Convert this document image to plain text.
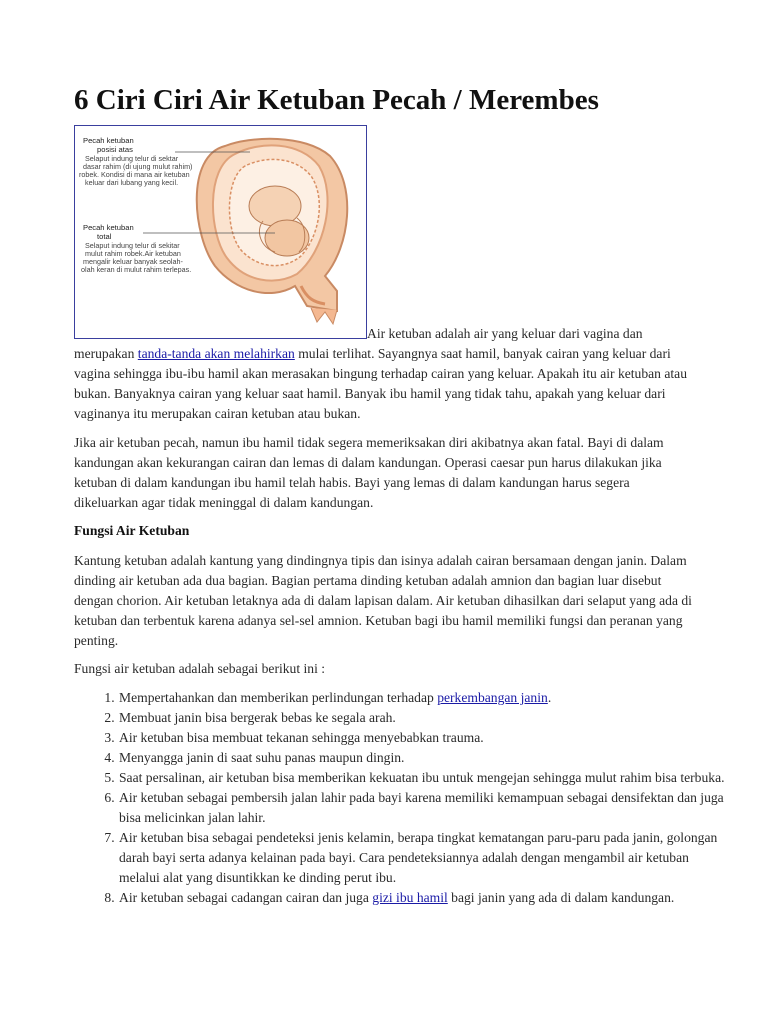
6 Ciri Ciri Air Ketuban Pecah / Merembes
Pecah ketuban
posisi atas
Selaput indung telur di sektar
dasar rahim (di ujung mulut rahim)
robek. Kondisi di mana air ketuban
keluar dari lubang yang kecil.
Pecah ketuban
total
Selaput indung telur di sekitar
mulut rahim robek.Air ketuban
mengalir keluar banyak seolah-
olah keran di mulut rahim terlepas.

Air ketuban adalah air yang keluar dari vagina dan merupakan tanda-tanda akan melahirkan mulai terlihat. Sayangnya saat hamil, banyak cairan yang keluar dari vagina sehingga ibu-ibu hamil akan merasakan bingung terhadap cairan yang keluar. Apakah itu air ketuban atau bukan. Banyaknya cairan yang keluar saat hamil. Banyak ibu hamil yang tidak tahu, apakah yang keluar dari vaginanya itu merupakan cairan ketuban atau bukan.

Jika air ketuban pecah, namun ibu hamil tidak segera memeriksakan diri akibatnya akan fatal. Bayi di dalam kandungan akan kekurangan cairan dan lemas di dalam kandungan. Operasi caesar pun harus dilakukan jika ketuban di dalam kandungan ibu hamil telah habis. Bayi yang lemas di dalam kandungan harus segera dikeluarkan agar tidak meninggal di dalam kandungan.
Fungsi Air Ketuban
Kantung ketuban adalah kantung yang dindingnya tipis dan isinya adalah cairan bersamaan dengan janin. Dalam dinding air ketuban ada dua bagian. Bagian pertama dinding ketuban adalah amnion dan bagian luar disebut dengan chorion. Air ketuban letaknya ada di dalam lapisan dalam. Air ketuban dihasilkan dari selaput yang ada di ketuban dan terbentuk karena adanya sel-sel amnion. Ketuban bagi ibu hamil memiliki fungsi dan peranan yang penting.
Fungsi air ketuban adalah sebagai berikut ini :
1. Mempertahankan dan memberikan perlindungan terhadap perkembangan janin.
2. Membuat janin bisa bergerak bebas ke segala arah.
3. Air ketuban bisa membuat tekanan sehingga menyebabkan trauma.
4. Menyangga janin di saat suhu panas maupun dingin.
5. Saat persalinan, air ketuban bisa memberikan kekuatan ibu untuk mengejan sehingga mulut rahim bisa terbuka.
6. Air ketuban sebagai pembersih jalan lahir pada bayi karena memiliki kemampuan sebagai densifektan dan juga bisa melicinkan jalan lahir.
7. Air ketuban bisa sebagai pendeteksi jenis kelamin, berapa tingkat kematangan paru-paru pada janin, golongan darah bayi serta adanya kelainan pada bayi. Cara pendeteksiannya adalah dengan mengambil air ketuban melalui alat yang disuntikkan ke dinding perut ibu.
8. Air ketuban sebagai cadangan cairan dan juga gizi ibu hamil bagi janin yang ada di dalam kandungan.
